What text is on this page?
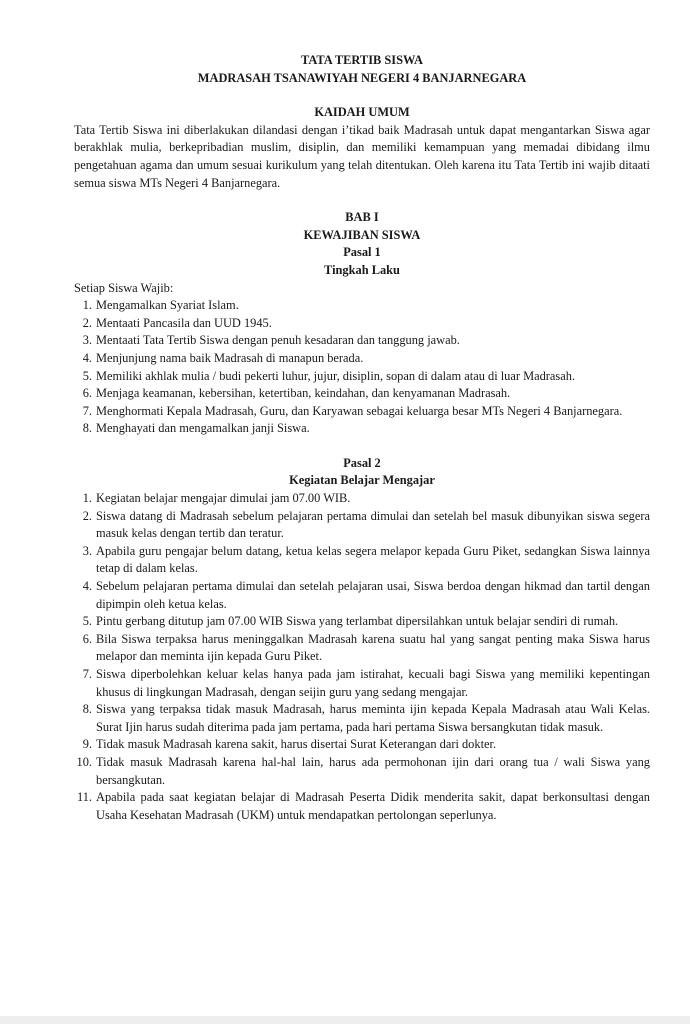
TATA TERTIB SISWA
MADRASAH TSANAWIYAH NEGERI 4 BANJARNEGARA
KAIDAH UMUM

Tata Tertib Siswa ini diberlakukan dilandasi dengan i’tikad baik Madrasah untuk dapat mengantarkan Siswa agar berakhlak mulia, berkepribadian muslim, disiplin, dan memiliki kemampuan yang memadai dibidang ilmu pengetahuan agama dan umum sesuai kurikulum yang telah ditentukan. Oleh karena itu Tata Tertib ini wajib ditaati semua siswa MTs Negeri 4 Banjarnegara.

BAB I
KEWAJIBAN SISWA
Pasal 1
Tingkah Laku

Setiap Siswa Wajib:

1. Mengamalkan Syariat Islam.
2. Mentaati Pancasila dan UUD 1945.
3. Mentaati Tata Tertib Siswa dengan penuh kesadaran dan tanggung jawab.
4. Menjunjung nama baik Madrasah di manapun berada.
5. Memiliki akhlak mulia / budi pekerti luhur, jujur, disiplin, sopan di dalam atau di luar Madrasah.
6. Menjaga keamanan, kebersihan, ketertiban, keindahan, dan kenyamanan Madrasah.
7. Menghormati Kepala Madrasah, Guru, dan Karyawan sebagai keluarga besar MTs Negeri 4 Banjarnegara.
8. Menghayati dan mengamalkan janji Siswa.
Pasal 2
Kegiatan Belajar Mengajar
1. Kegiatan belajar mengajar dimulai jam 07.00 WIB.
2. Siswa datang di Madrasah sebelum pelajaran pertama dimulai dan setelah bel masuk dibunyikan siswa segera masuk kelas dengan tertib dan teratur.
3. Apabila guru pengajar belum datang, ketua kelas segera melapor kepada Guru Piket, sedangkan Siswa lainnya tetap di dalam kelas.
4. Sebelum pelajaran pertama dimulai dan setelah pelajaran usai, Siswa berdoa dengan hikmad dan tartil dengan dipimpin oleh ketua kelas.
5. Pintu gerbang ditutup jam 07.00 WIB Siswa yang terlambat dipersilahkan untuk belajar sendiri di rumah.
6. Bila Siswa terpaksa harus meninggalkan Madrasah karena suatu hal yang sangat penting maka Siswa harus melapor dan meminta ijin kepada Guru Piket.
7. Siswa diperbolehkan keluar kelas hanya pada jam istirahat, kecuali bagi Siswa yang memiliki kepentingan khusus di lingkungan Madrasah, dengan seijin guru yang sedang mengajar.
8. Siswa yang terpaksa tidak masuk Madrasah, harus meminta ijin kepada Kepala Madrasah atau Wali Kelas. Surat Ijin harus sudah diterima pada jam pertama, pada hari pertama Siswa bersangkutan tidak masuk.
9. Tidak masuk Madrasah karena sakit, harus disertai Surat Keterangan dari dokter.
10. Tidak masuk Madrasah karena hal-hal lain, harus ada permohonan ijin dari orang tua / wali Siswa yang bersangkutan.
11. Apabila pada saat kegiatan belajar di Madrasah Peserta Didik menderita sakit, dapat berkonsultasi dengan Usaha Kesehatan Madrasah (UKM) untuk mendapatkan pertolongan seperlunya.
